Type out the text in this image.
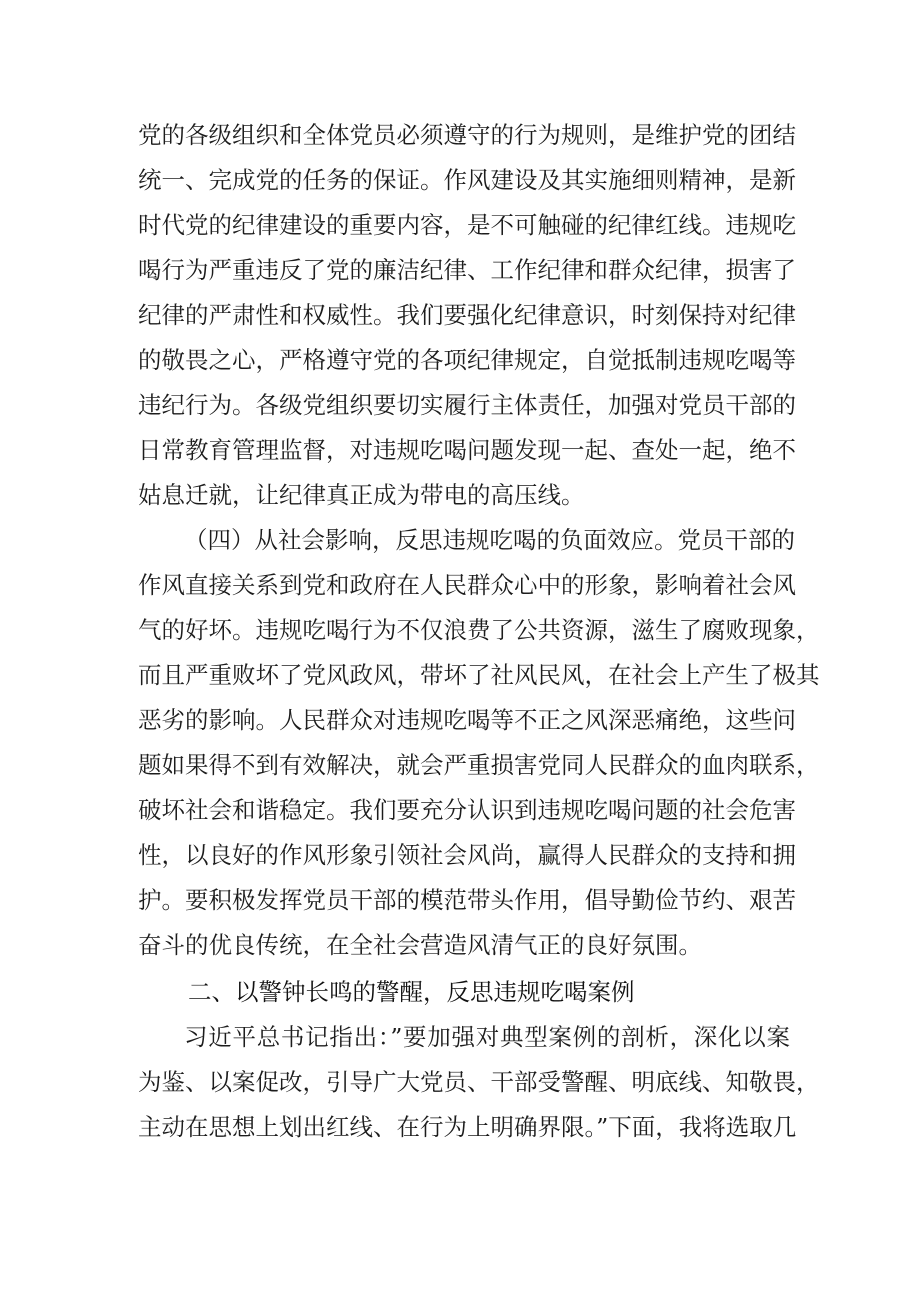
党的各级组织和全体党员必须遵守的行为规则，是维护党的团结
统一、完成党的任务的保证。作风建设及其实施细则精神，是新
时代党的纪律建设的重要内容，是不可触碰的纪律红线。违规吃
喝行为严重违反了党的廉洁纪律、工作纪律和群众纪律，损害了
纪律的严肃性和权威性。我们要强化纪律意识，时刻保持对纪律
的敬畏之心，严格遵守党的各项纪律规定，自觉抵制违规吃喝等
违纪行为。各级党组织要切实履行主体责任，加强对党员干部的
日常教育管理监督，对违规吃喝问题发现一起、查处一起，绝不
姑息迁就，让纪律真正成为带电的高压线。
（四）从社会影响，反思违规吃喝的负面效应。党员干部的
作风直接关系到党和政府在人民群众心中的形象，影响着社会风
气的好坏。违规吃喝行为不仅浪费了公共资源，滋生了腐败现象，
而且严重败坏了党风政风，带坏了社风民风，在社会上产生了极其
恶劣的影响。人民群众对违规吃喝等不正之风深恶痛绝，这些问
题如果得不到有效解决，就会严重损害党同人民群众的血肉联系，
破坏社会和谐稳定。我们要充分认识到违规吃喝问题的社会危害
性，以良好的作风形象引领社会风尚，赢得人民群众的支持和拥
护。要积极发挥党员干部的模范带头作用，倡导勤俭节约、艰苦
奋斗的优良传统，在全社会营造风清气正的良好氛围。
二、以警钟长鸣的警醒，反思违规吃喝案例
习近平总书记指出：”要加强对典型案例的剖析，深化以案
为鉴、以案促改，引导广大党员、干部受警醒、明底线、知敬畏，
主动在思想上划出红线、在行为上明确界限。”下面，我将选取几
